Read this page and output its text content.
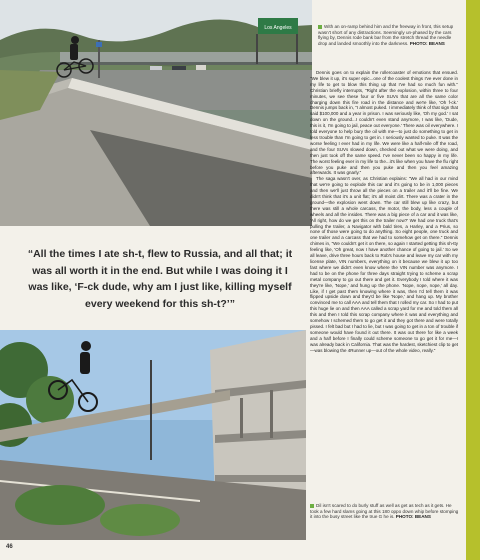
Los Angeles	With an on-ramp behind him and the freeway in front, this setup wasn't short of any distractions. Seemingly un-phased by the cars flying by, Dennis rode bank bar from the stretch thread the needle drop and landed smoothly into the darkness. PHOTO: BEANS

Dennis goes on to explain the rollercoaster of emotions that ensued. "We blew it up, it's super epic...one of the coolest things I've ever done in my life to get to blow this thing up that I've had so much fun with." Christian briefly interrupts, "Right after the explosion, within three to four minutes, we see these four or five SUVs that are all the same color charging down this fire road in the distance and we're like, 'Oh f-ck.' Dennis jumps back in, "I almost puked. I immediately think of that sign that said $100,000 and a year in prison. I was seriously like, 'Oh my god.' I sat down on the ground...I couldn't even stand anymore, I was like, 'Dude, this is it, I'm going to jail, peace out everyone.' There was oil everywhere. I told everyone to help bury the oil with me—to just do something to get in less trouble than I'm going to get in. I seriously wanted to puke. It was the worse feeling I ever had in my life. We were like a half-mile off the road, and the four SUVs slowed down, checked out what we were doing, and then just took off the same speed. I've never been so happy in my life. The worst feeling ever in my life to the...it's like when you have the flu right before you puke and then you puke and then you feel amazing afterwards. It was gnarly."

The saga wasn't over, as Christian explains: "We all had in our mind that we're going to explode this car and it's going to be in 1,000 pieces and then we'll just throw all the pieces on a trailer and it'll be fine. We didn't think that it's a unit flat; it's all moist dirt. There was a crater in the ground—the explosion went down. The car still blew up like crazy, but there was still a whole carcass, the motor, the body, less a couple of wheels and all the insides. There was a big piece of a car and it was like, 'All right, how do we get this on the trailer now?' We had one truck that's pulling the trailer, a Navigator with bald tires, a Harley, and a Prius, so none of those were going to do anything. So eight people, one truck and one trailer and a carcass that we had to somehow get on there." Dennis chimes in, "We couldn't get it on there, so again I started getting this sh-tty feeling like, 'Oh great, now I have another chance of going to jail.' So we all leave, drive three hours back to Rob's house and leave my car with my license plate, VIN numbers, everything on it because we blew it up too fast where we didn't even know where the VIN number was anymore. I had to be on the phone for three days straight trying to scheme a scrap metal company to go out there and get it. Everybody I told where it was they're like, 'Nope,' and hung up the phone. 'Nope, nope, nope,' all day. Like, if I get past them knowing where it was, then I'd tell them it was flipped upside down and they'd be like 'Nope,' and hang up. My brother convinced me to call AAA and tell them that I rolled my car. So I had to put this huge lie on and then AAA called a scrap yard for me and told them all this and then I told this scrap company where it was and everything and somehow I schemed them to go get it and they got there and were totally pissed. I felt bad but I had to lie, but I was going to get in a ton of trouble if someone would have found it out there. It was out there for like a week and a half before I finally could scheme someone to go get it for me—I was already back in California. That was the hardest, sketchiest clip to get—was blowing the 4Runner up—out of the whole video, really."

“All the times I ate sh-t, flew to Russia, and all that; it was all worth it in the end. But while I was doing it I was like, ‘F-ck dude, why am I just like, killing myself every weekend for this sh-t?’”

Dil isn't scared to do burly stuff as well as get as tech as it gets. He took a few hard slams going at this 180 oppo down whip before stomping it into the busy street like the true G he is. PHOTO: BEANS
46
